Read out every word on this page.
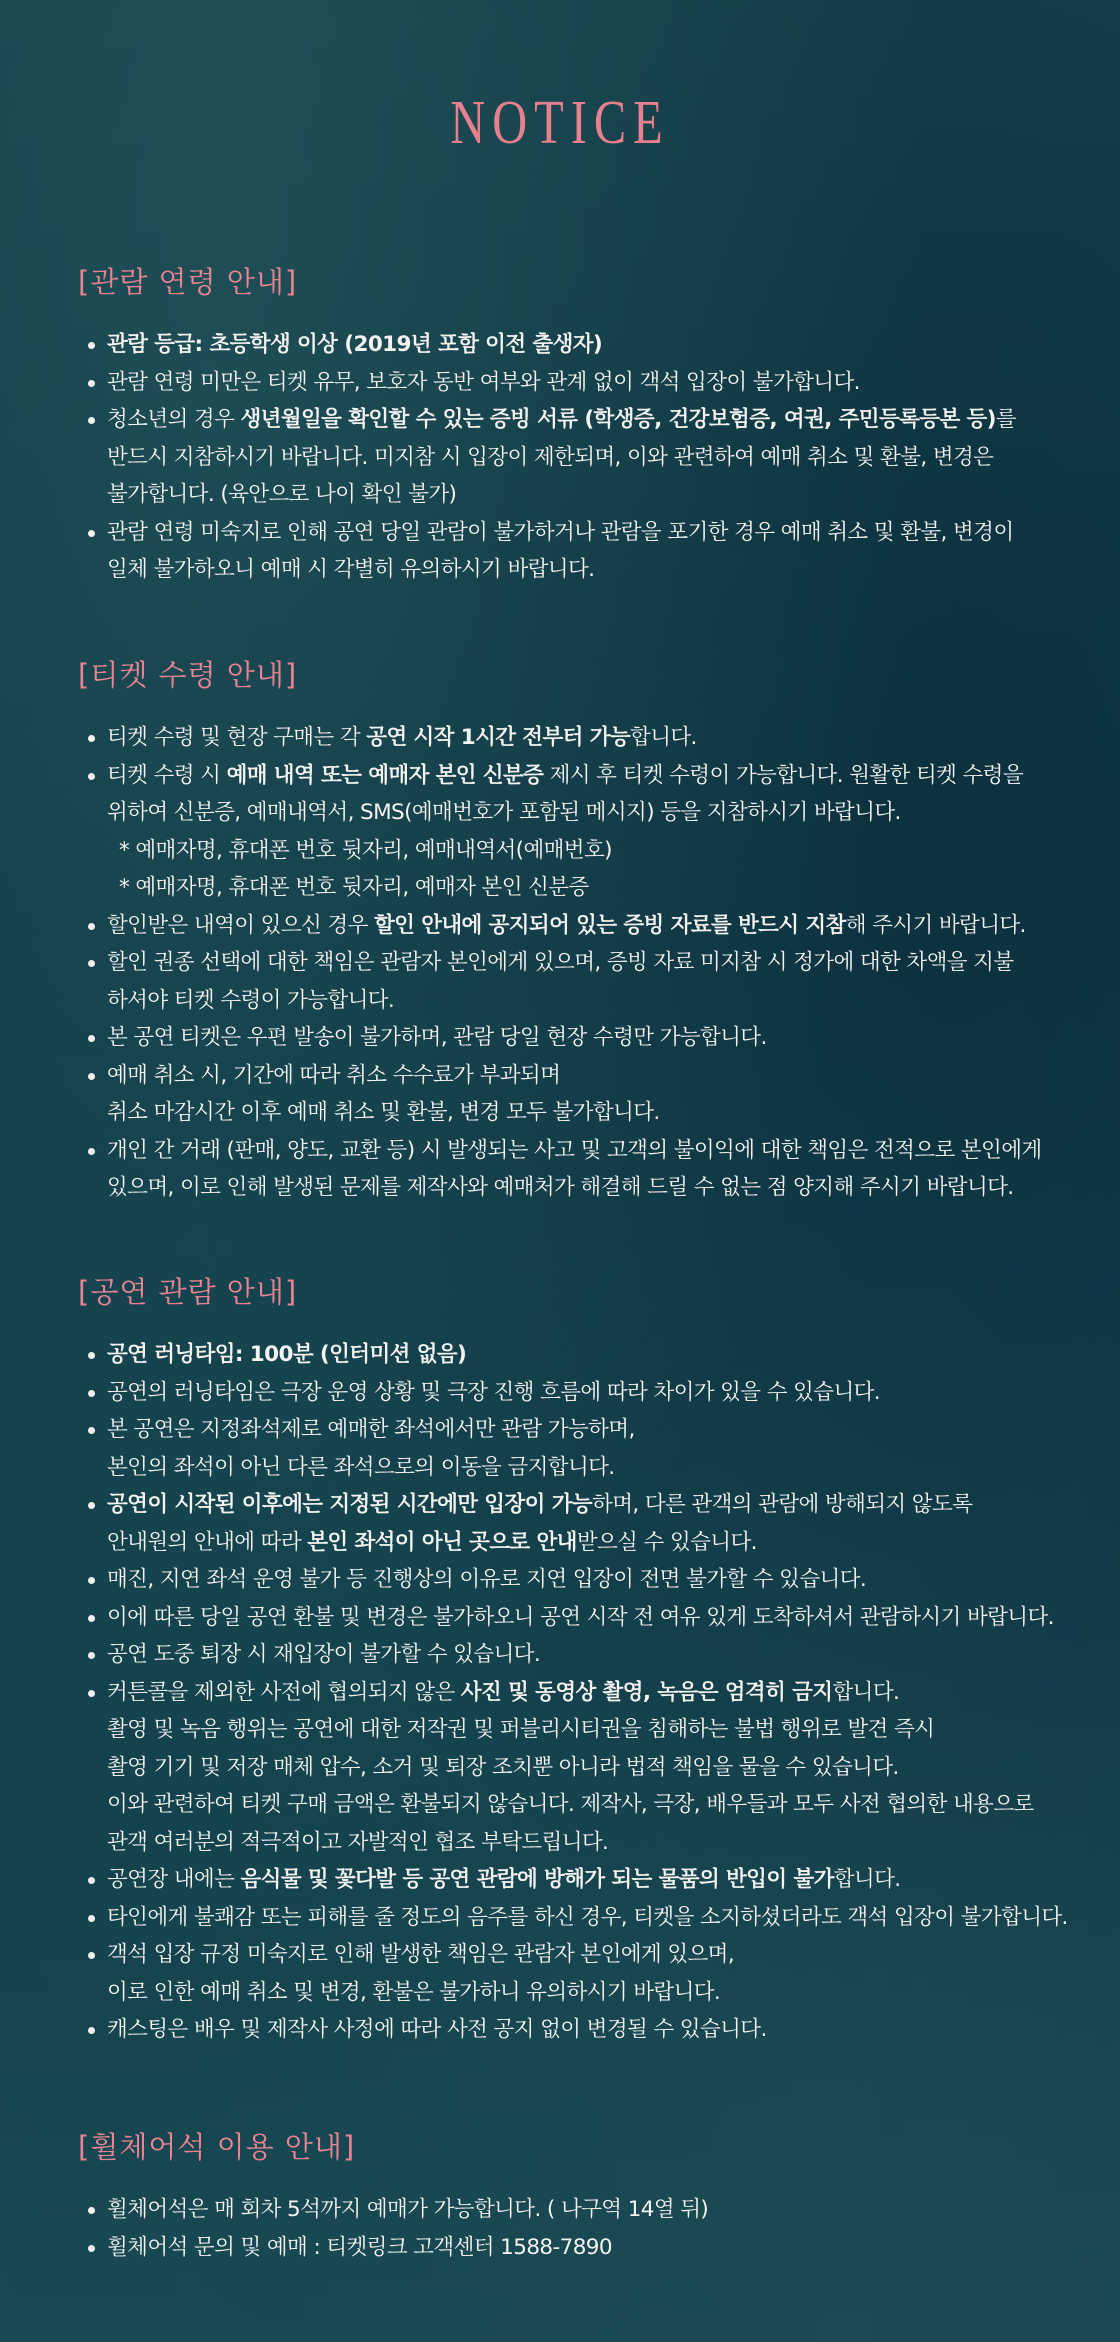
NOTICE
[관람 연령 안내]
관람 등급: 초등학생 이상 (2019년 포함 이전 출생자)
관람 연령 미만은 티켓 유무, 보호자 동반 여부와 관계 없이 객석 입장이 불가합니다.
청소년의 경우 생년월일을 확인할 수 있는 증빙 서류 (학생증, 건강보험증, 여권, 주민등록등본 등)를
반드시 지참하시기 바랍니다. 미지참 시 입장이 제한되며, 이와 관련하여 예매 취소 및 환불, 변경은
불가합니다. (육안으로 나이 확인 불가)
관람 연령 미숙지로 인해 공연 당일 관람이 불가하거나 관람을 포기한 경우 예매 취소 및 환불, 변경이
일체 불가하오니 예매 시 각별히 유의하시기 바랍니다.
[티켓 수령 안내]
티켓 수령 및 현장 구매는 각 공연 시작 1시간 전부터 가능합니다.
티켓 수령 시 예매 내역 또는 예매자 본인 신분증 제시 후 티켓 수령이 가능합니다. 원활한 티켓 수령을
위하여 신분증, 예매내역서, SMS(예매번호가 포함된 메시지) 등을 지참하시기 바랍니다.
* 예매자명, 휴대폰 번호 뒷자리, 예매내역서(예매번호)
* 예매자명, 휴대폰 번호 뒷자리, 예매자 본인 신분증
할인받은 내역이 있으신 경우 할인 안내에 공지되어 있는 증빙 자료를 반드시 지참해 주시기 바랍니다.
할인 권종 선택에 대한 책임은 관람자 본인에게 있으며, 증빙 자료 미지참 시 정가에 대한 차액을 지불
하셔야 티켓 수령이 가능합니다.
본 공연 티켓은 우편 발송이 불가하며, 관람 당일 현장 수령만 가능합니다.
예매 취소 시, 기간에 따라 취소 수수료가 부과되며
취소 마감시간 이후 예매 취소 및 환불, 변경 모두 불가합니다.
개인 간 거래 (판매, 양도, 교환 등) 시 발생되는 사고 및 고객의 불이익에 대한 책임은 전적으로 본인에게
있으며, 이로 인해 발생된 문제를 제작사와 예매처가 해결해 드릴 수 없는 점 양지해 주시기 바랍니다.
[공연 관람 안내]
공연 러닝타임: 100분 (인터미션 없음)
공연의 러닝타임은 극장 운영 상황 및 극장 진행 흐름에 따라 차이가 있을 수 있습니다.
본 공연은 지정좌석제로 예매한 좌석에서만 관람 가능하며,
본인의 좌석이 아닌 다른 좌석으로의 이동을 금지합니다.
공연이 시작된 이후에는 지정된 시간에만 입장이 가능하며, 다른 관객의 관람에 방해되지 않도록
안내원의 안내에 따라 본인 좌석이 아닌 곳으로 안내받으실 수 있습니다.
매진, 지연 좌석 운영 불가 등 진행상의 이유로 지연 입장이 전면 불가할 수 있습니다.
이에 따른 당일 공연 환불 및 변경은 불가하오니 공연 시작 전 여유 있게 도착하셔서 관람하시기 바랍니다.
공연 도중 퇴장 시 재입장이 불가할 수 있습니다.
커튼콜을 제외한 사전에 협의되지 않은 사진 및 동영상 촬영, 녹음은 엄격히 금지합니다.
촬영 및 녹음 행위는 공연에 대한 저작권 및 퍼블리시티권을 침해하는 불법 행위로 발견 즉시
촬영 기기 및 저장 매체 압수, 소거 및 퇴장 조치뿐 아니라 법적 책임을 물을 수 있습니다.
이와 관련하여 티켓 구매 금액은 환불되지 않습니다. 제작사, 극장, 배우들과 모두 사전 협의한 내용으로
관객 여러분의 적극적이고 자발적인 협조 부탁드립니다.
공연장 내에는 음식물 및 꽃다발 등 공연 관람에 방해가 되는 물품의 반입이 불가합니다.
타인에게 불쾌감 또는 피해를 줄 정도의 음주를 하신 경우, 티켓을 소지하셨더라도 객석 입장이 불가합니다.
객석 입장 규정 미숙지로 인해 발생한 책임은 관람자 본인에게 있으며,
이로 인한 예매 취소 및 변경, 환불은 불가하니 유의하시기 바랍니다.
캐스팅은 배우 및 제작사 사정에 따라 사전 공지 없이 변경될 수 있습니다.
[휠체어석 이용 안내]
휠체어석은 매 회차 5석까지 예매가 가능합니다. ( 나구역 14열 뒤)
휠체어석 문의 및 예매 : 티켓링크 고객센터 1588-7890
